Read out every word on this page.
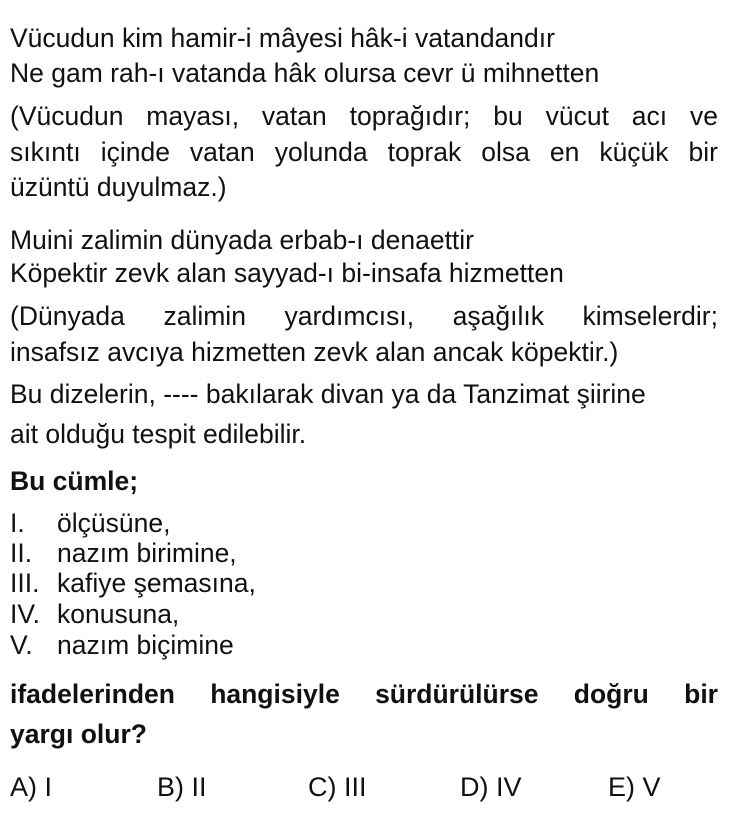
Vücudun kim hamir-i mâyesi hâk-i vatandandır

Ne gam rah-ı vatanda hâk olursa cevr ü mihnetten

(Vücudun mayası, vatan toprağıdır; bu vücut acı ve

sıkıntı içinde vatan yolunda toprak olsa en küçük bir

üzüntü duyulmaz.)

Muini zalimin dünyada erbab-ı denaettir

Köpektir zevk alan sayyad-ı bi-insafa hizmetten

(Dünyada zalimin yardımcısı, aşağılık kimselerdir;

insafsız avcıya hizmetten zevk alan ancak köpektir.)

Bu dizelerin, ---- bakılarak divan ya da Tanzimat şiirine

ait olduğu tespit edilebilir.

Bu cümle;

I. ölçüsüne,

II. nazım birimine,

III. kafiye şemasına,

IV. konusuna,

V. nazım biçimine

ifadelerinden hangisiyle sürdürülürse doğru bir

yargı olur?

A) I	B) II	C) III	D) IV	E) V
